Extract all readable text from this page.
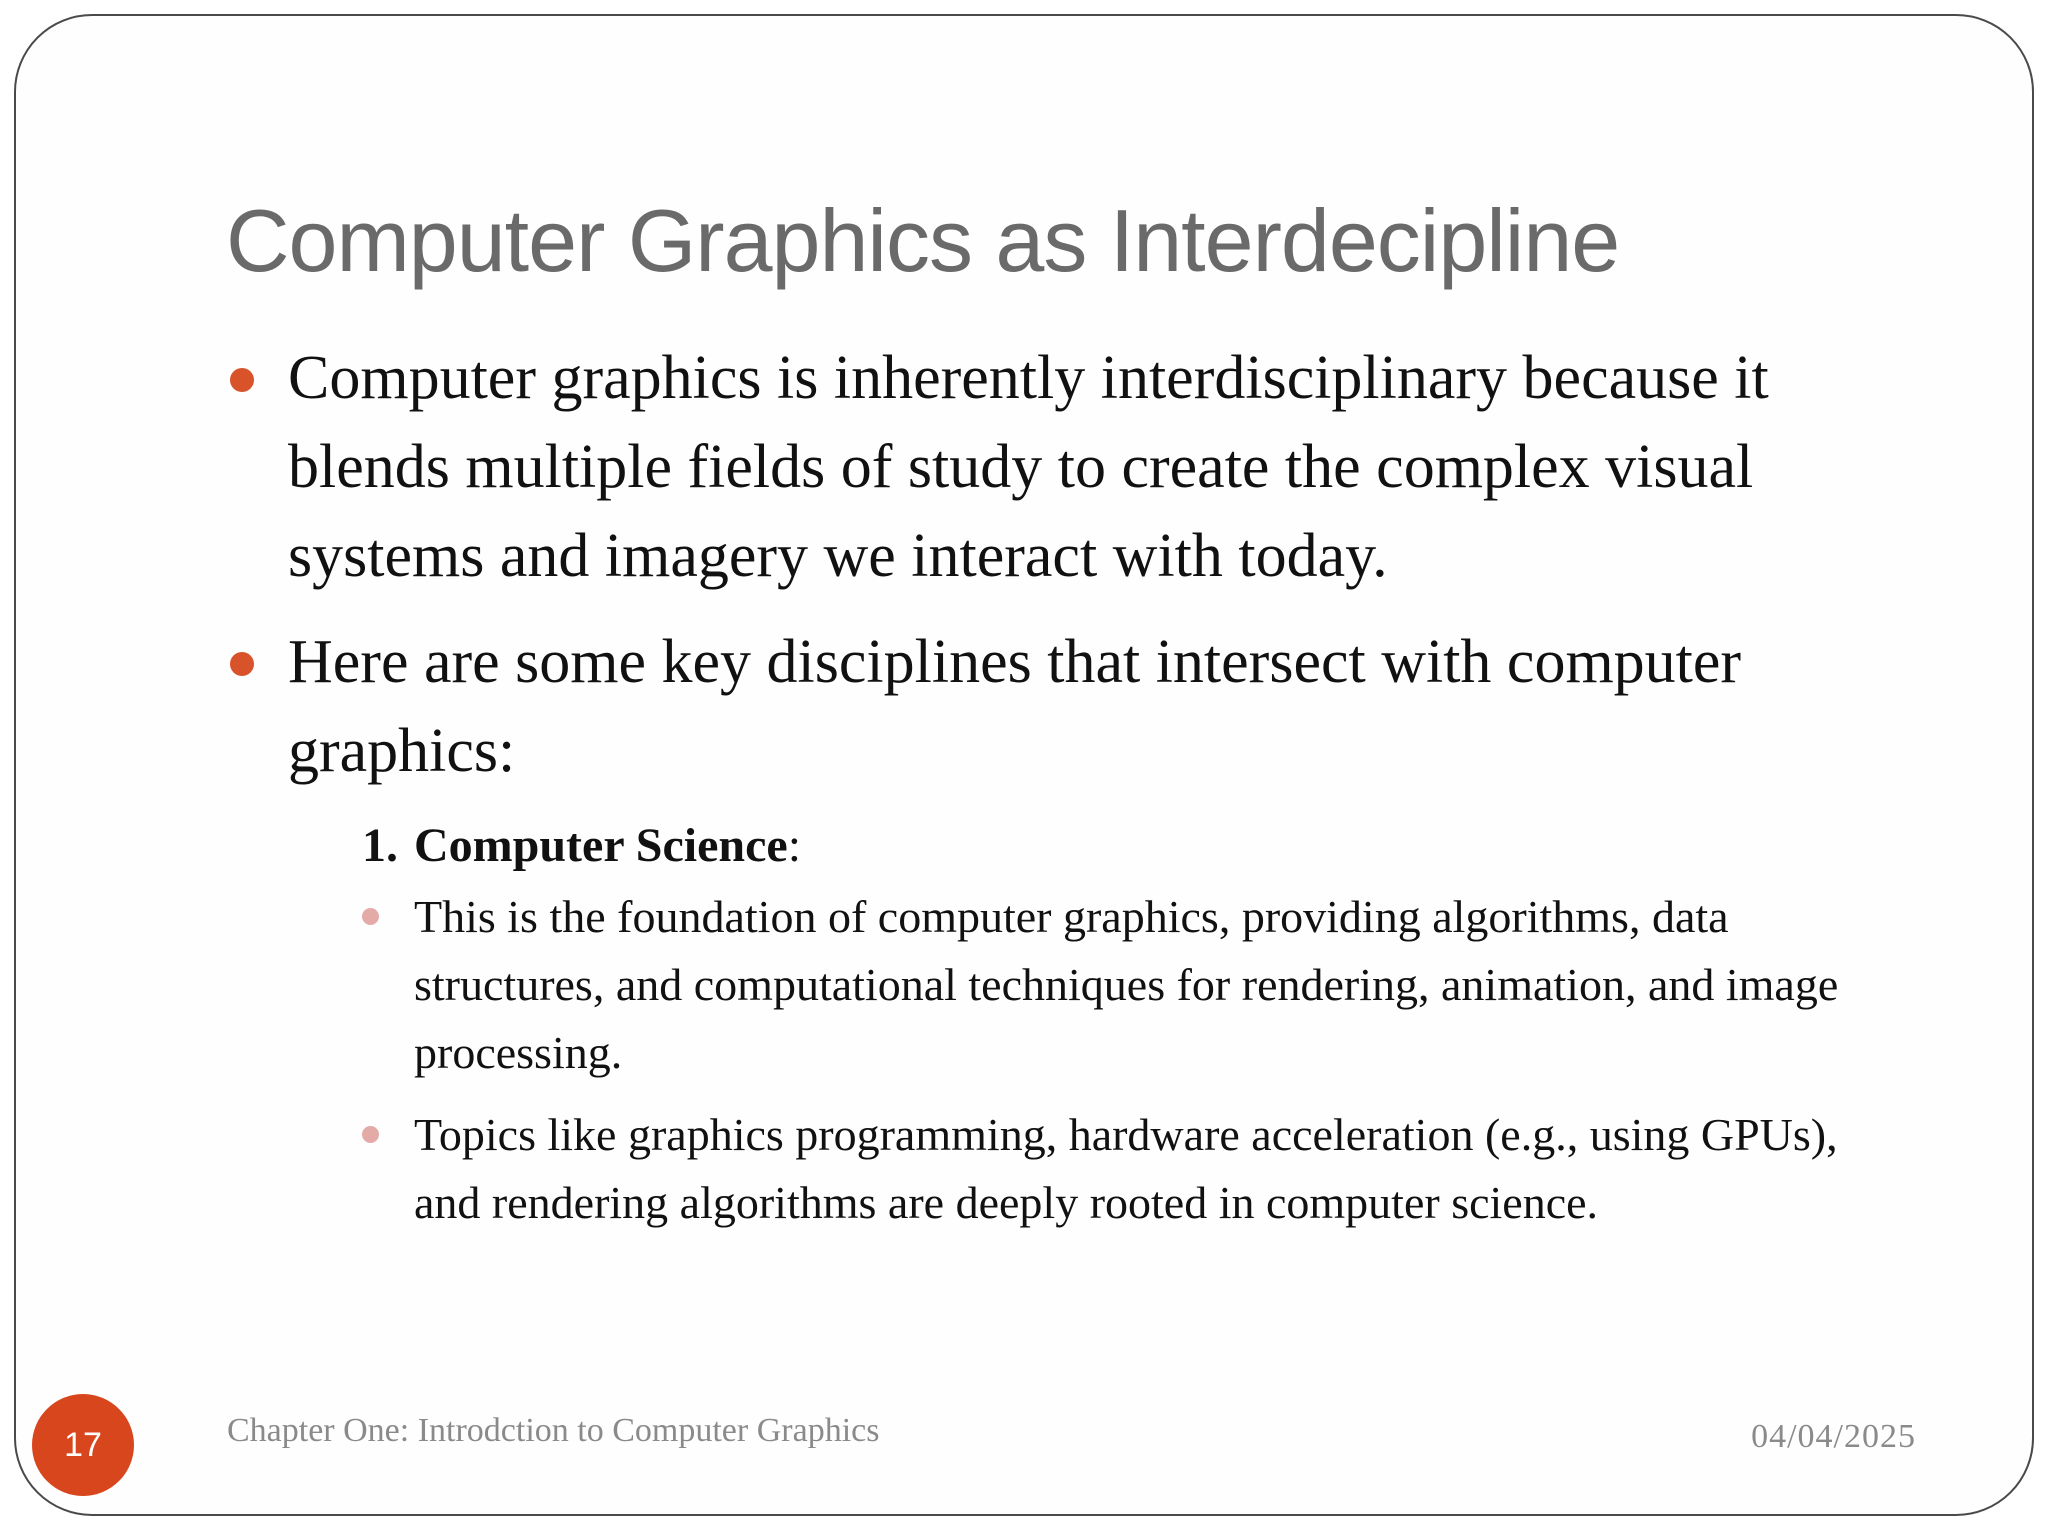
Computer Graphics as Interdecipline
Computer graphics is inherently interdisciplinary because it blends multiple fields of study to create the complex visual systems and imagery we interact with today.
Here are some key disciplines that intersect with computer graphics:
1. Computer Science:
This is the foundation of computer graphics, providing algorithms, data structures, and computational techniques for rendering, animation, and image processing.
Topics like graphics programming, hardware acceleration (e.g., using GPUs), and rendering algorithms are deeply rooted in computer science.
17	Chapter One: Introdction to Computer Graphics	04/04/2025
